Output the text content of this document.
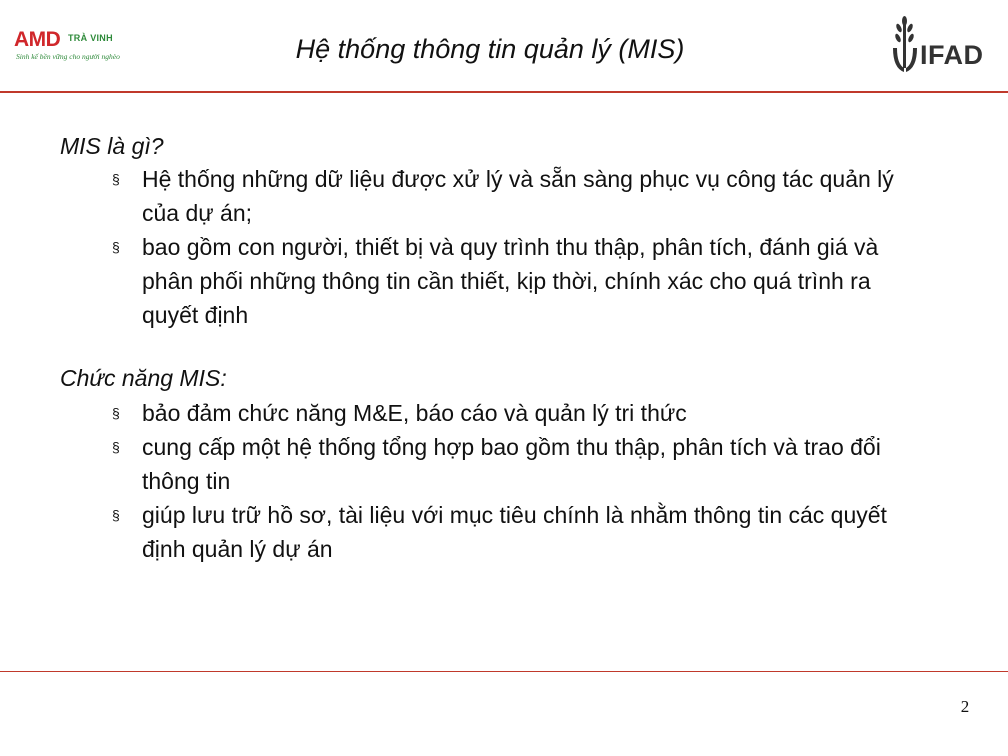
AMD TRÀ VINH
Sinh kế bền vững cho người nghèo	Hệ thống thông tin quản lý (MIS)	IFAD

MIS là gì?

§ Hệ thống những dữ liệu được xử lý và sẵn sàng phục vụ công tác quản lý của dự án;
§ bao gồm con người, thiết bị và quy trình thu thập, phân tích, đánh giá và phân phối những thông tin cần thiết, kịp thời, chính xác cho quá trình ra quyết định

Chức năng MIS:

§ bảo đảm chức năng M&E, báo cáo và quản lý tri thức
§ cung cấp một hệ thống tổng hợp bao gồm thu thập, phân tích và trao đổi thông tin
§ giúp lưu trữ hồ sơ, tài liệu với mục tiêu chính là nhằm thông tin các quyết định quản lý dự án
2
